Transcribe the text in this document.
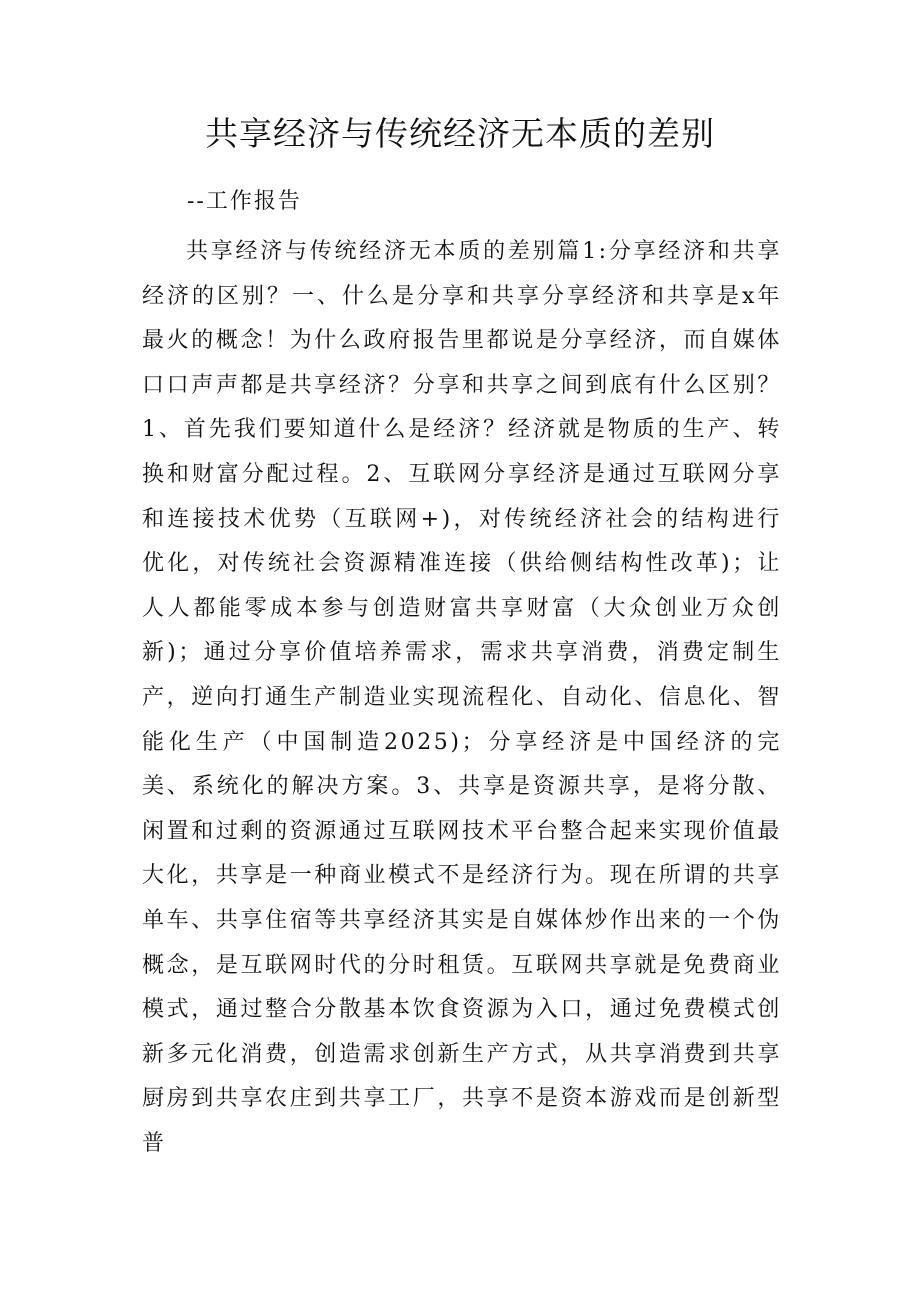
共享经济与传统经济无本质的差别

--工作报告

共享经济与传统经济无本质的差别篇1:分享经济和共享经济的区别？一、什么是分享和共享分享经济和共享是x年最火的概念！为什么政府报告里都说是分享经济，而自媒体口口声声都是共享经济？分享和共享之间到底有什么区别？1、首先我们要知道什么是经济？经济就是物质的生产、转换和财富分配过程。2、互联网分享经济是通过互联网分享和连接技术优势（互联网+)，对传统经济社会的结构进行优化，对传统社会资源精准连接（供给侧结构性改革)；让人人都能零成本参与创造财富共享财富（大众创业万众创新)；通过分享价值培养需求，需求共享消费，消费定制生产，逆向打通生产制造业实现流程化、自动化、信息化、智能化生产（中国制造2025)；分享经济是中国经济的完美、系统化的解决方案。3、共享是资源共享，是将分散、闲置和过剩的资源通过互联网技术平台整合起来实现价值最大化，共享是一种商业模式不是经济行为。现在所谓的共享单车、共享住宿等共享经济其实是自媒体炒作出来的一个伪概念，是互联网时代的分时租赁。互联网共享就是免费商业模式，通过整合分散基本饮食资源为入口，通过免费模式创新多元化消费，创造需求创新生产方式，从共享消费到共享厨房到共享农庄到共享工厂，共享不是资本游戏而是创新型普
